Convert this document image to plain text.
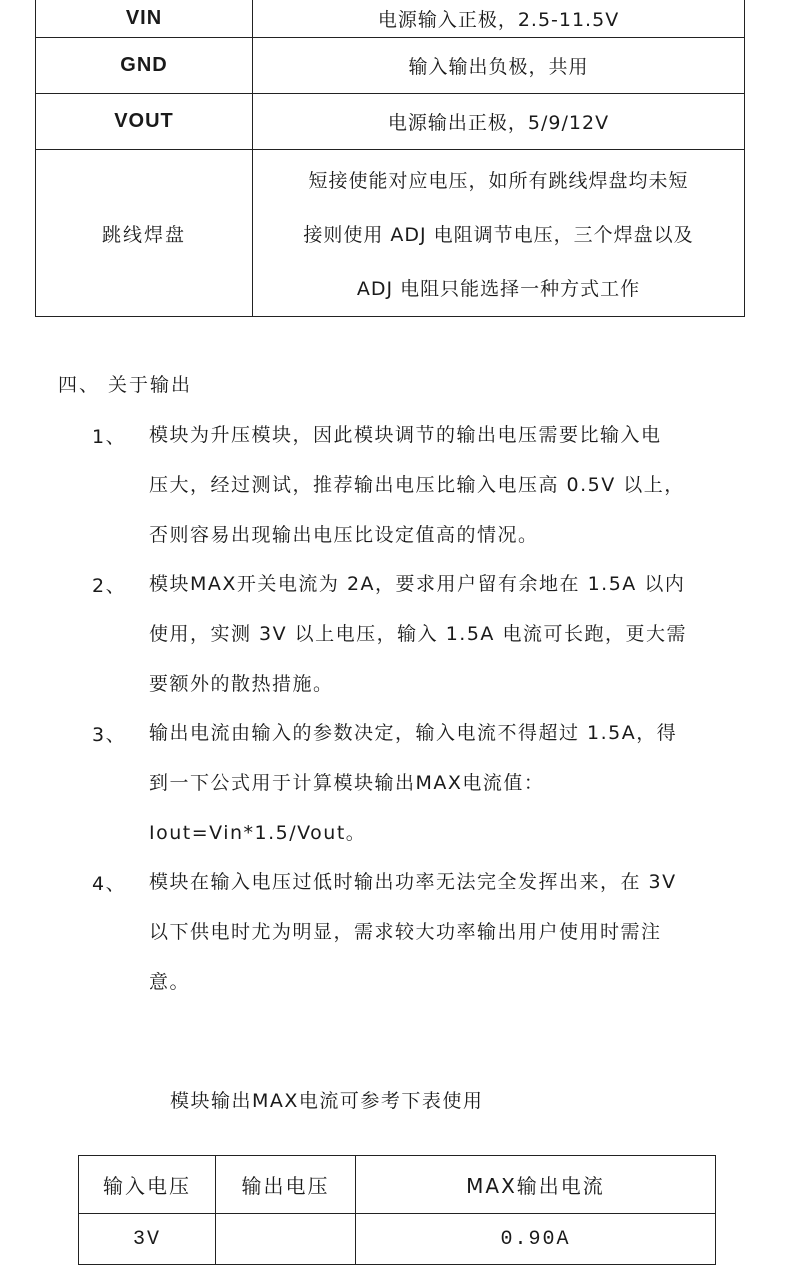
VIN	电源输入正极，2.5-11.5V
GND	输入输出负极，共用
VOUT	电源输出正极，5/9/12V
跳线焊盘	短接使能对应电压，如所有跳线焊盘均未短
接则使用 ADJ 电阻调节电压，三个焊盘以及
ADJ 电阻只能选择一种方式工作
四、 关于输出
1、 模块为升压模块，因此模块调节的输出电压需要比输入电
压大，经过测试，推荐输出电压比输入电压高 0.5V 以上，
否则容易出现输出电压比设定值高的情况。
2、 模块MAX开关电流为 2A，要求用户留有余地在 1.5A 以内
使用，实测 3V 以上电压，输入 1.5A 电流可长跑，更大需
要额外的散热措施。
3、 输出电流由输入的参数决定，输入电流不得超过 1.5A，得
到一下公式用于计算模块输出MAX电流值：
Iout=Vin*1.5/Vout。
4、 模块在输入电压过低时输出功率无法完全发挥出来，在 3V
以下供电时尤为明显，需求较大功率输出用户使用时需注
意。
模块输出MAX电流可参考下表使用
输入电压	输出电压	MAX输出电流
3V		0.90A
